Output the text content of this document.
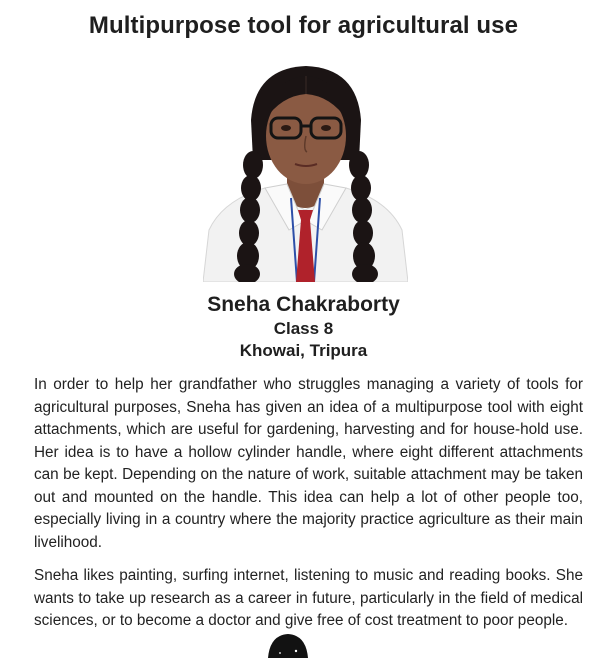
Multipurpose tool for agricultural use
Sneha Chakraborty
Class 8
Khowai, Tripura

In order to help her grandfather who struggles managing a variety of tools for agricultural purposes, Sneha has given an idea of a multipurpose tool with eight attachments, which are useful for gardening, harvesting and for house-hold use. Her idea is to have a hollow cylinder handle, where eight different attachments can be kept. Depending on the nature of work, suitable attachment may be taken out and mounted on the handle. This idea can help a lot of other people too, especially living in a country where the majority practice agriculture as their main livelihood.

Sneha likes painting, surfing internet, listening to music and reading books. She wants to take up research as a career in future, particularly in the field of medical sciences, or to become a doctor and give free of cost treatment to poor people.
